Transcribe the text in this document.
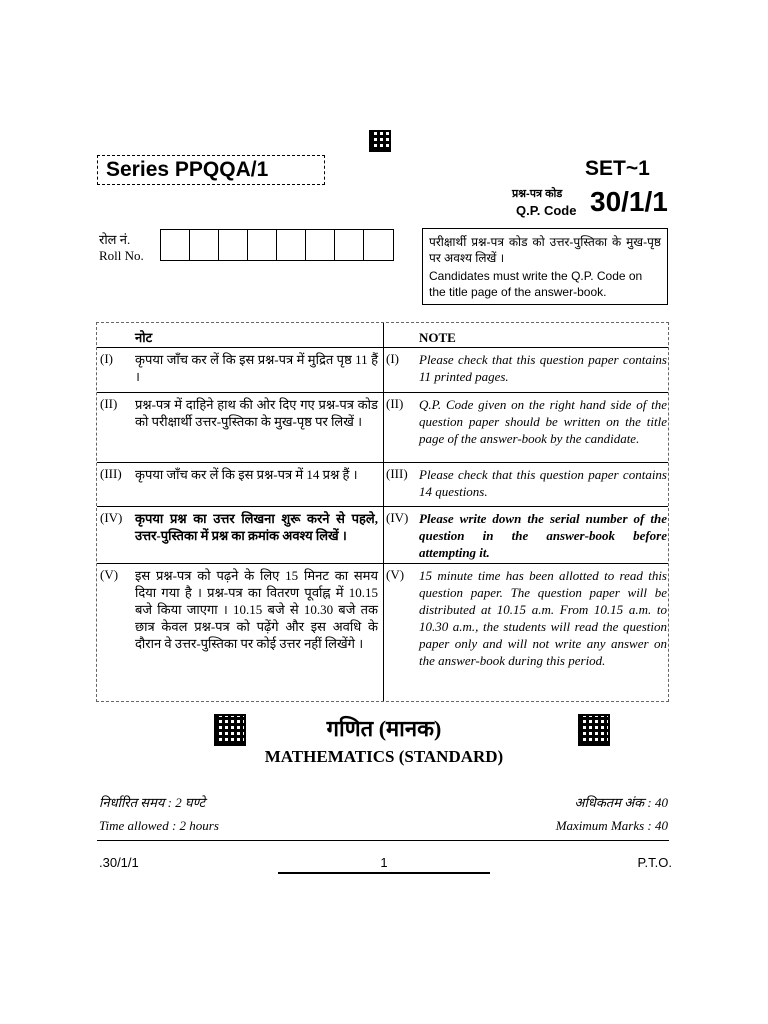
Series PPQQA/1	SET~1
प्रश्न-पत्र कोड
Q.P. Code 30/1/1
रोल नं.
Roll No.
परीक्षार्थी प्रश्न-पत्र कोड को उत्तर-पुस्तिका के मुख-पृष्ठ पर अवश्य लिखें ।
Candidates must write the Q.P. Code on the title page of the answer-book.
नोट	NOTE
(I) कृपया जाँच कर लें कि इस प्रश्न-पत्र में मुद्रित पृष्ठ 11 हैं ।
(I) Please check that this question paper contains 11 printed pages.
(II) प्रश्न-पत्र में दाहिने हाथ की ओर दिए गए प्रश्न-पत्र कोड को परीक्षार्थी उत्तर-पुस्तिका के मुख-पृष्ठ पर लिखें ।
(II) Q.P. Code given on the right hand side of the question paper should be written on the title page of the answer-book by the candidate.
(III) कृपया जाँच कर लें कि इस प्रश्न-पत्र में 14 प्रश्न हैं ।	(III) Please check that this question paper contains 14 questions.
(IV) कृपया प्रश्न का उत्तर लिखना शुरू करने से पहले, उत्तर-पुस्तिका में प्रश्न का क्रमांक अवश्य लिखें ।
(IV) Please write down the serial number of the question in the answer-book before attempting it.
(V) इस प्रश्न-पत्र को पढ़ने के लिए 15 मिनट का समय दिया गया है । प्रश्न-पत्र का वितरण पूर्वाह्न में 10.15 बजे किया जाएगा । 10.15 बजे से 10.30 बजे तक छात्र केवल प्रश्न-पत्र को पढ़ेंगे और इस अवधि के दौरान वे उत्तर-पुस्तिका पर कोई उत्तर नहीं लिखेंगे ।
(V) 15 minute time has been allotted to read this question paper. The question paper will be distributed at 10.15 a.m. From 10.15 a.m. to 10.30 a.m., the students will read the question paper only and will not write any answer on the answer-book during this period.
गणित (मानक)
MATHEMATICS (STANDARD)
निर्धारित समय : 2 घण्टे	अधिकतम अंक : 40
Time allowed : 2 hours	Maximum Marks : 40
.30/1/1	1	P.T.O.
